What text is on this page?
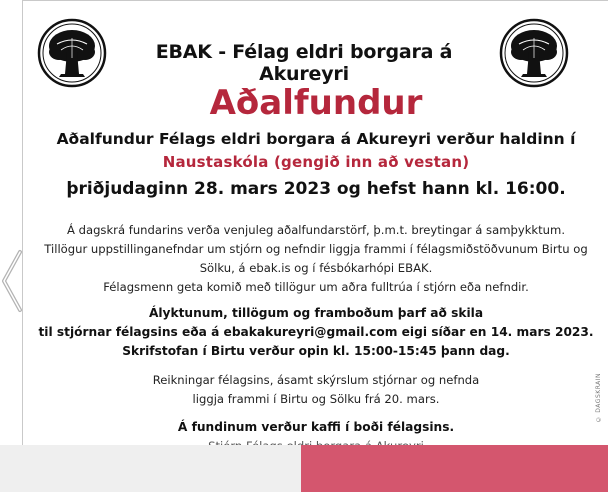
EBAK - Félag eldri borgara á Akureyri
Aðalfundur
Aðalfundur Félags eldri borgara á Akureyri verður haldinn í
Naustaskóla (gengið inn að vestan)
þriðjudaginn 28. mars 2023 og hefst hann kl. 16:00.
Á dagskrá fundarins verða venjuleg aðalfundarstörf, þ.m.t. breytingar á samþykktum.
Tillögur uppstillinganefndar um stjórn og nefndir liggja frammi í félagsmiðstöðvunum Birtu og
Sölku, á ebak.is og í fésbókarhópi EBAK.
Félagsmenn geta komið með tillögur um aðra fulltrúa í stjórn eða nefndir.
Ályktunum, tillögum og framboðum þarf að skila
til stjórnar félagsins eða á ebakakureyri@gmail.com eigi síðar en 14. mars 2023.
Skrifstofan í Birtu verður opin kl. 15:00-15:45 þann dag.
Reikningar félagsins, ásamt skýrslum stjórnar og nefnda
liggja frammi í Birtu og Sölku frá 20. mars.
Á fundinum verður kaffi í boði félagsins.
© DAGSKRÁIN
